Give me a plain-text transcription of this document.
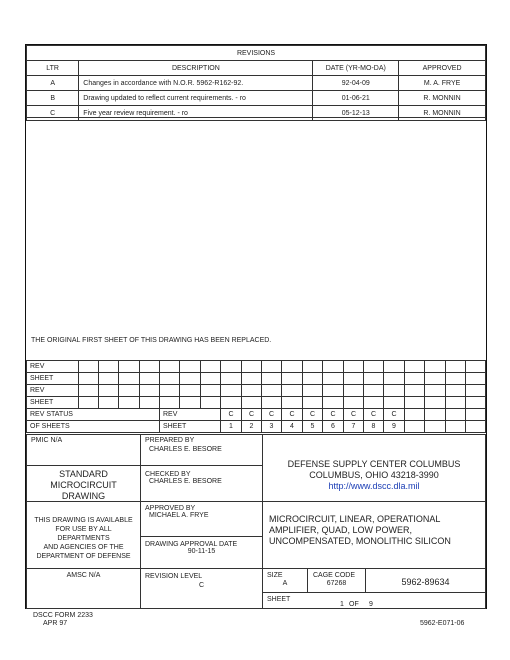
REVISIONS			
LTR	DESCRIPTION	DATE (YR-MO-DA)	APPROVED
A	Changes in accordance with N.O.R. 5962-R162-92.	92-04-09	M. A. FRYE
B	Drawing updated to reflect current requirements. - ro	01-06-21	R. MONNIN
C	Five year review requirement. - ro	05-12-13	R. MONNIN
THE ORIGINAL FIRST SHEET OF THIS DRAWING HAS BEEN REPLACED.
REV																				
SHEET																				
REV																				
SHEET																				
REV STATUS					REV			C	C	C	C	C	C	C	C	C				
OF SHEETS					SHEET			1	2	3	4	5	6	7	8	9				
PMIC N/A	PREPARED BY
CHARLES E. BESORE
STANDARD
MICROCIRCUIT
DRAWING
CHECKED BY
CHARLES E. BESORE
DEFENSE SUPPLY CENTER COLUMBUS
COLUMBUS, OHIO 43218-3990
http://www.dscc.dla.mil
THIS DRAWING IS AVAILABLE
FOR USE BY ALL
DEPARTMENTS
AND AGENCIES OF THE
DEPARTMENT OF DEFENSE
APPROVED BY
MICHAEL A. FRYE
DRAWING APPROVAL DATE
90-11-15
MICROCIRCUIT, LINEAR, OPERATIONAL
AMPLIFIER, QUAD, LOW POWER,
UNCOMPENSATED, MONOLITHIC SILICON
AMSC N/A	REVISION LEVEL
C
SIZE
A
CAGE CODE
67268	5962-89634
SHEET
1 OF 9
DSCC FORM 2233
APR 97	5962-E071-06
